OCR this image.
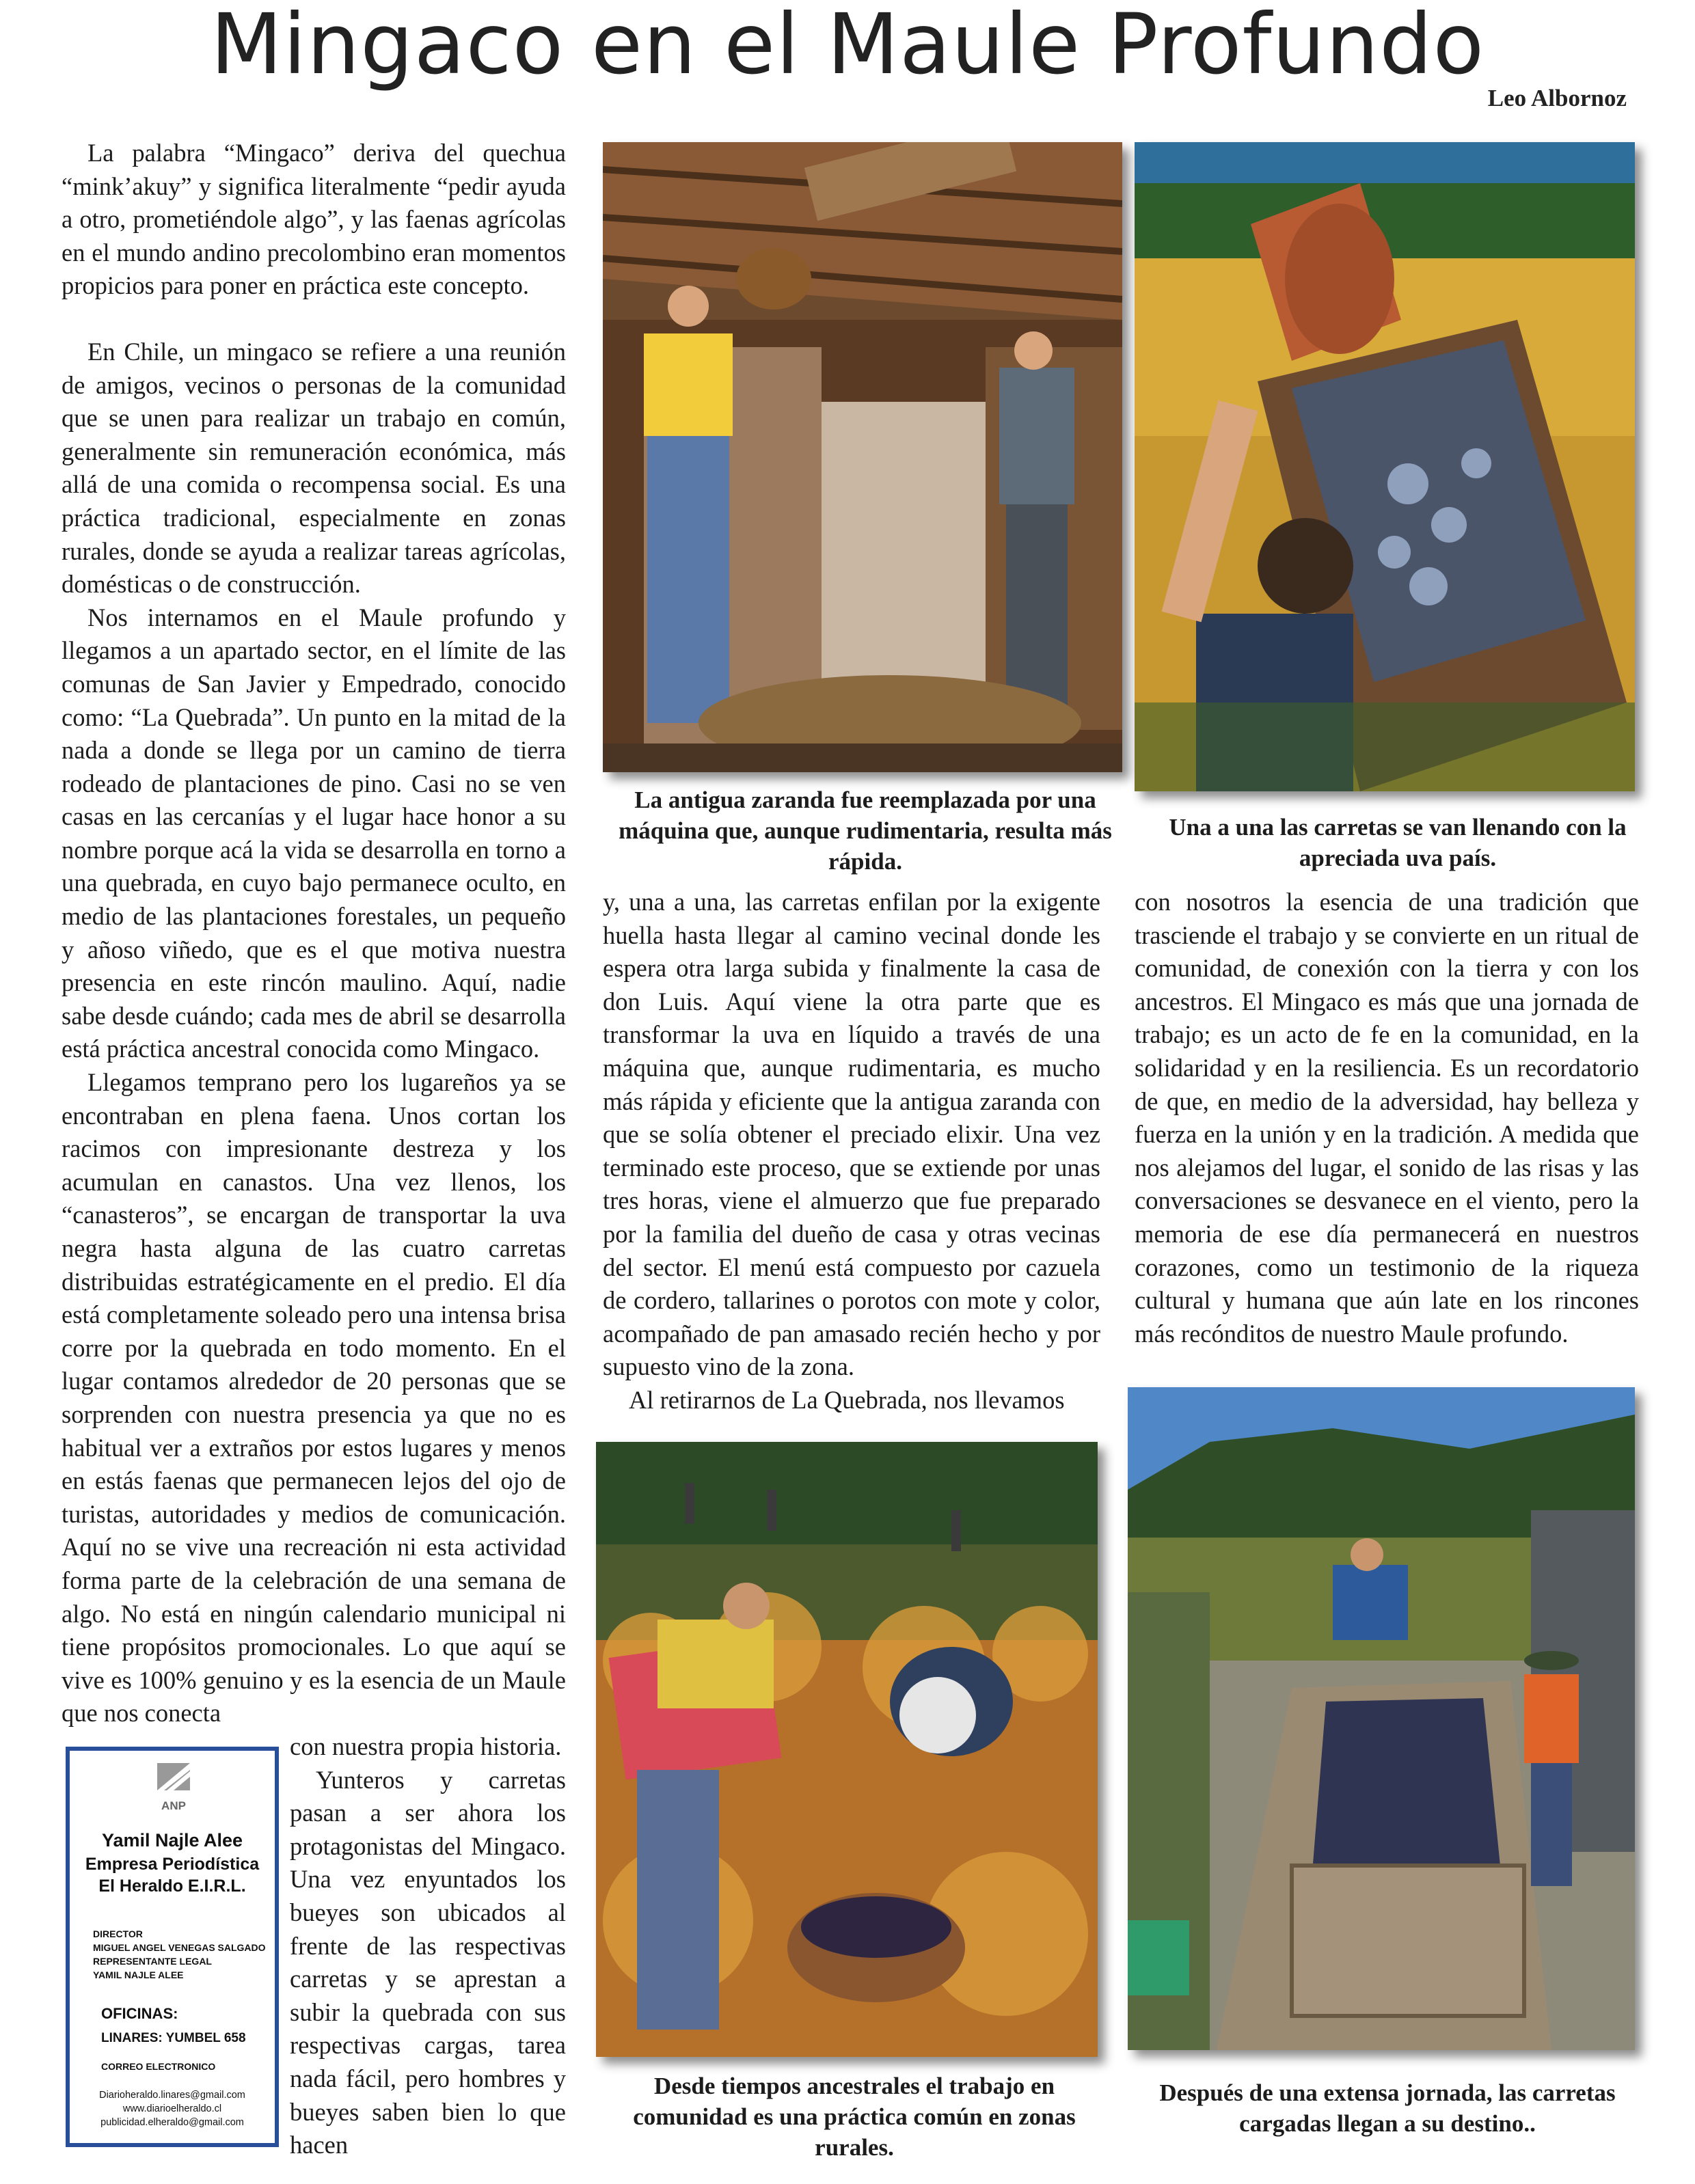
Mingaco en el Maule Profundo
Leo Albornoz

La palabra “Mingaco” deriva del quechua “mink’akuy” y significa literalmente “pedir ayuda a otro, prometiéndole algo”, y las faenas agrícolas en el mundo andino precolombino eran momentos propicios para poner en práctica este concepto.

En Chile, un mingaco se refiere a una reunión de amigos, vecinos o personas de la comunidad que se unen para realizar un trabajo en común, generalmente sin remuneración económica, más allá de una comida o recompensa social. Es una práctica tradicional, especialmente en zonas rurales, donde se ayuda a realizar tareas agrícolas, domésticas o de construcción.

Nos internamos en el Maule profundo y llegamos a un apartado sector, en el límite de las comunas de San Javier y Empedrado, conocido como: “La Quebrada”. Un punto en la mitad de la nada a donde se llega por un camino de tierra rodeado de plantaciones de pino. Casi no se ven casas en las cercanías y el lugar hace honor a su nombre porque acá la vida se desarrolla en torno a una quebrada, en cuyo bajo permanece oculto, en medio de las plantaciones forestales, un pequeño y añoso viñedo, que es el que motiva nuestra presencia en este rincón maulino. Aquí, nadie sabe desde cuándo; cada mes de abril se desarrolla está práctica ancestral conocida como Mingaco.

Llegamos temprano pero los lugareños ya se encontraban en plena faena. Unos cortan los racimos con impresionante destreza y los acumulan en canastos. Una vez llenos, los “canasteros”, se encargan de transportar la uva negra hasta alguna de las cuatro carretas distribuidas estratégicamente en el predio. El día está completamente soleado pero una intensa brisa corre por la quebrada en todo momento. En el lugar contamos alrededor de 20 personas que se sorprenden con nuestra presencia ya que no es habitual ver a extraños por estos lugares y menos en estás faenas que permanecen lejos del ojo de turistas, autoridades y medios de comunicación. Aquí no se vive una recreación ni esta actividad forma parte de la celebración de una semana de algo. No está en ningún calendario municipal ni tiene propósitos promocionales. Lo que aquí se vive es 100% genuino y es la esencia de un Maule que nos conecta

con nuestra propia historia.

Yunteros y carretas pasan a ser ahora los protagonistas del Mingaco. Una vez enyuntados los bueyes son ubicados al frente de las respectivas carretas y se aprestan a subir la quebrada con sus respectivas cargas, tarea nada fácil, pero hombres y bueyes saben bien lo que hacen

y, una a una, las carretas enfilan por la exigente huella hasta llegar al camino vecinal donde les espera otra larga subida y finalmente la casa de don Luis. Aquí viene la otra parte que es transformar la uva en líquido a través de una máquina que, aunque rudimentaria, es mucho más rápida y eficiente que la antigua zaranda con que se solía obtener el preciado elixir. Una vez terminado este proceso, que se extiende por unas tres horas, viene el almuerzo que fue preparado por la familia del dueño de casa y otras vecinas del sector. El menú está compuesto por cazuela de cordero, tallarines o porotos con mote y color, acompañado de pan amasado recién hecho y por supuesto vino de la zona.

Al retirarnos de La Quebrada, nos llevamos

con nosotros la esencia de una tradición que trasciende el trabajo y se convierte en un ritual de comunidad, de conexión con la tierra y con los ancestros. El Mingaco es más que una jornada de trabajo; es un acto de fe en la comunidad, en la solidaridad y en la resiliencia. Es un recordatorio de que, en medio de la adversidad, hay belleza y fuerza en la unión y en la tradición. A medida que nos alejamos del lugar, el sonido de las risas y las conversaciones se desvanece en el viento, pero la memoria de ese día permanecerá en nuestros corazones, como un testimonio de la riqueza cultural y humana que aún late en los rincones más recónditos de nuestro Maule profundo.

La antigua zaranda fue reemplazada por una máquina que, aunque rudimentaria, resulta más rápida.
Una a una las carretas se van llenando con la apreciada uva país.
Desde tiempos ancestrales el trabajo en comunidad es una práctica común en zonas rurales.
Después de una extensa jornada, las carretas cargadas llegan a su destino..
ANP
Yamil Najle Alee
Empresa Periodística
El Heraldo E.I.R.L.
DIRECTOR
MIGUEL ANGEL VENEGAS SALGADO
REPRESENTANTE LEGAL
YAMIL NAJLE ALEE
OFICINAS:
LINARES: YUMBEL 658
CORREO ELECTRONICO
Diarioheraldo.linares@gmail.com
www.diarioelheraldo.cl
publicidad.elheraldo@gmail.com
